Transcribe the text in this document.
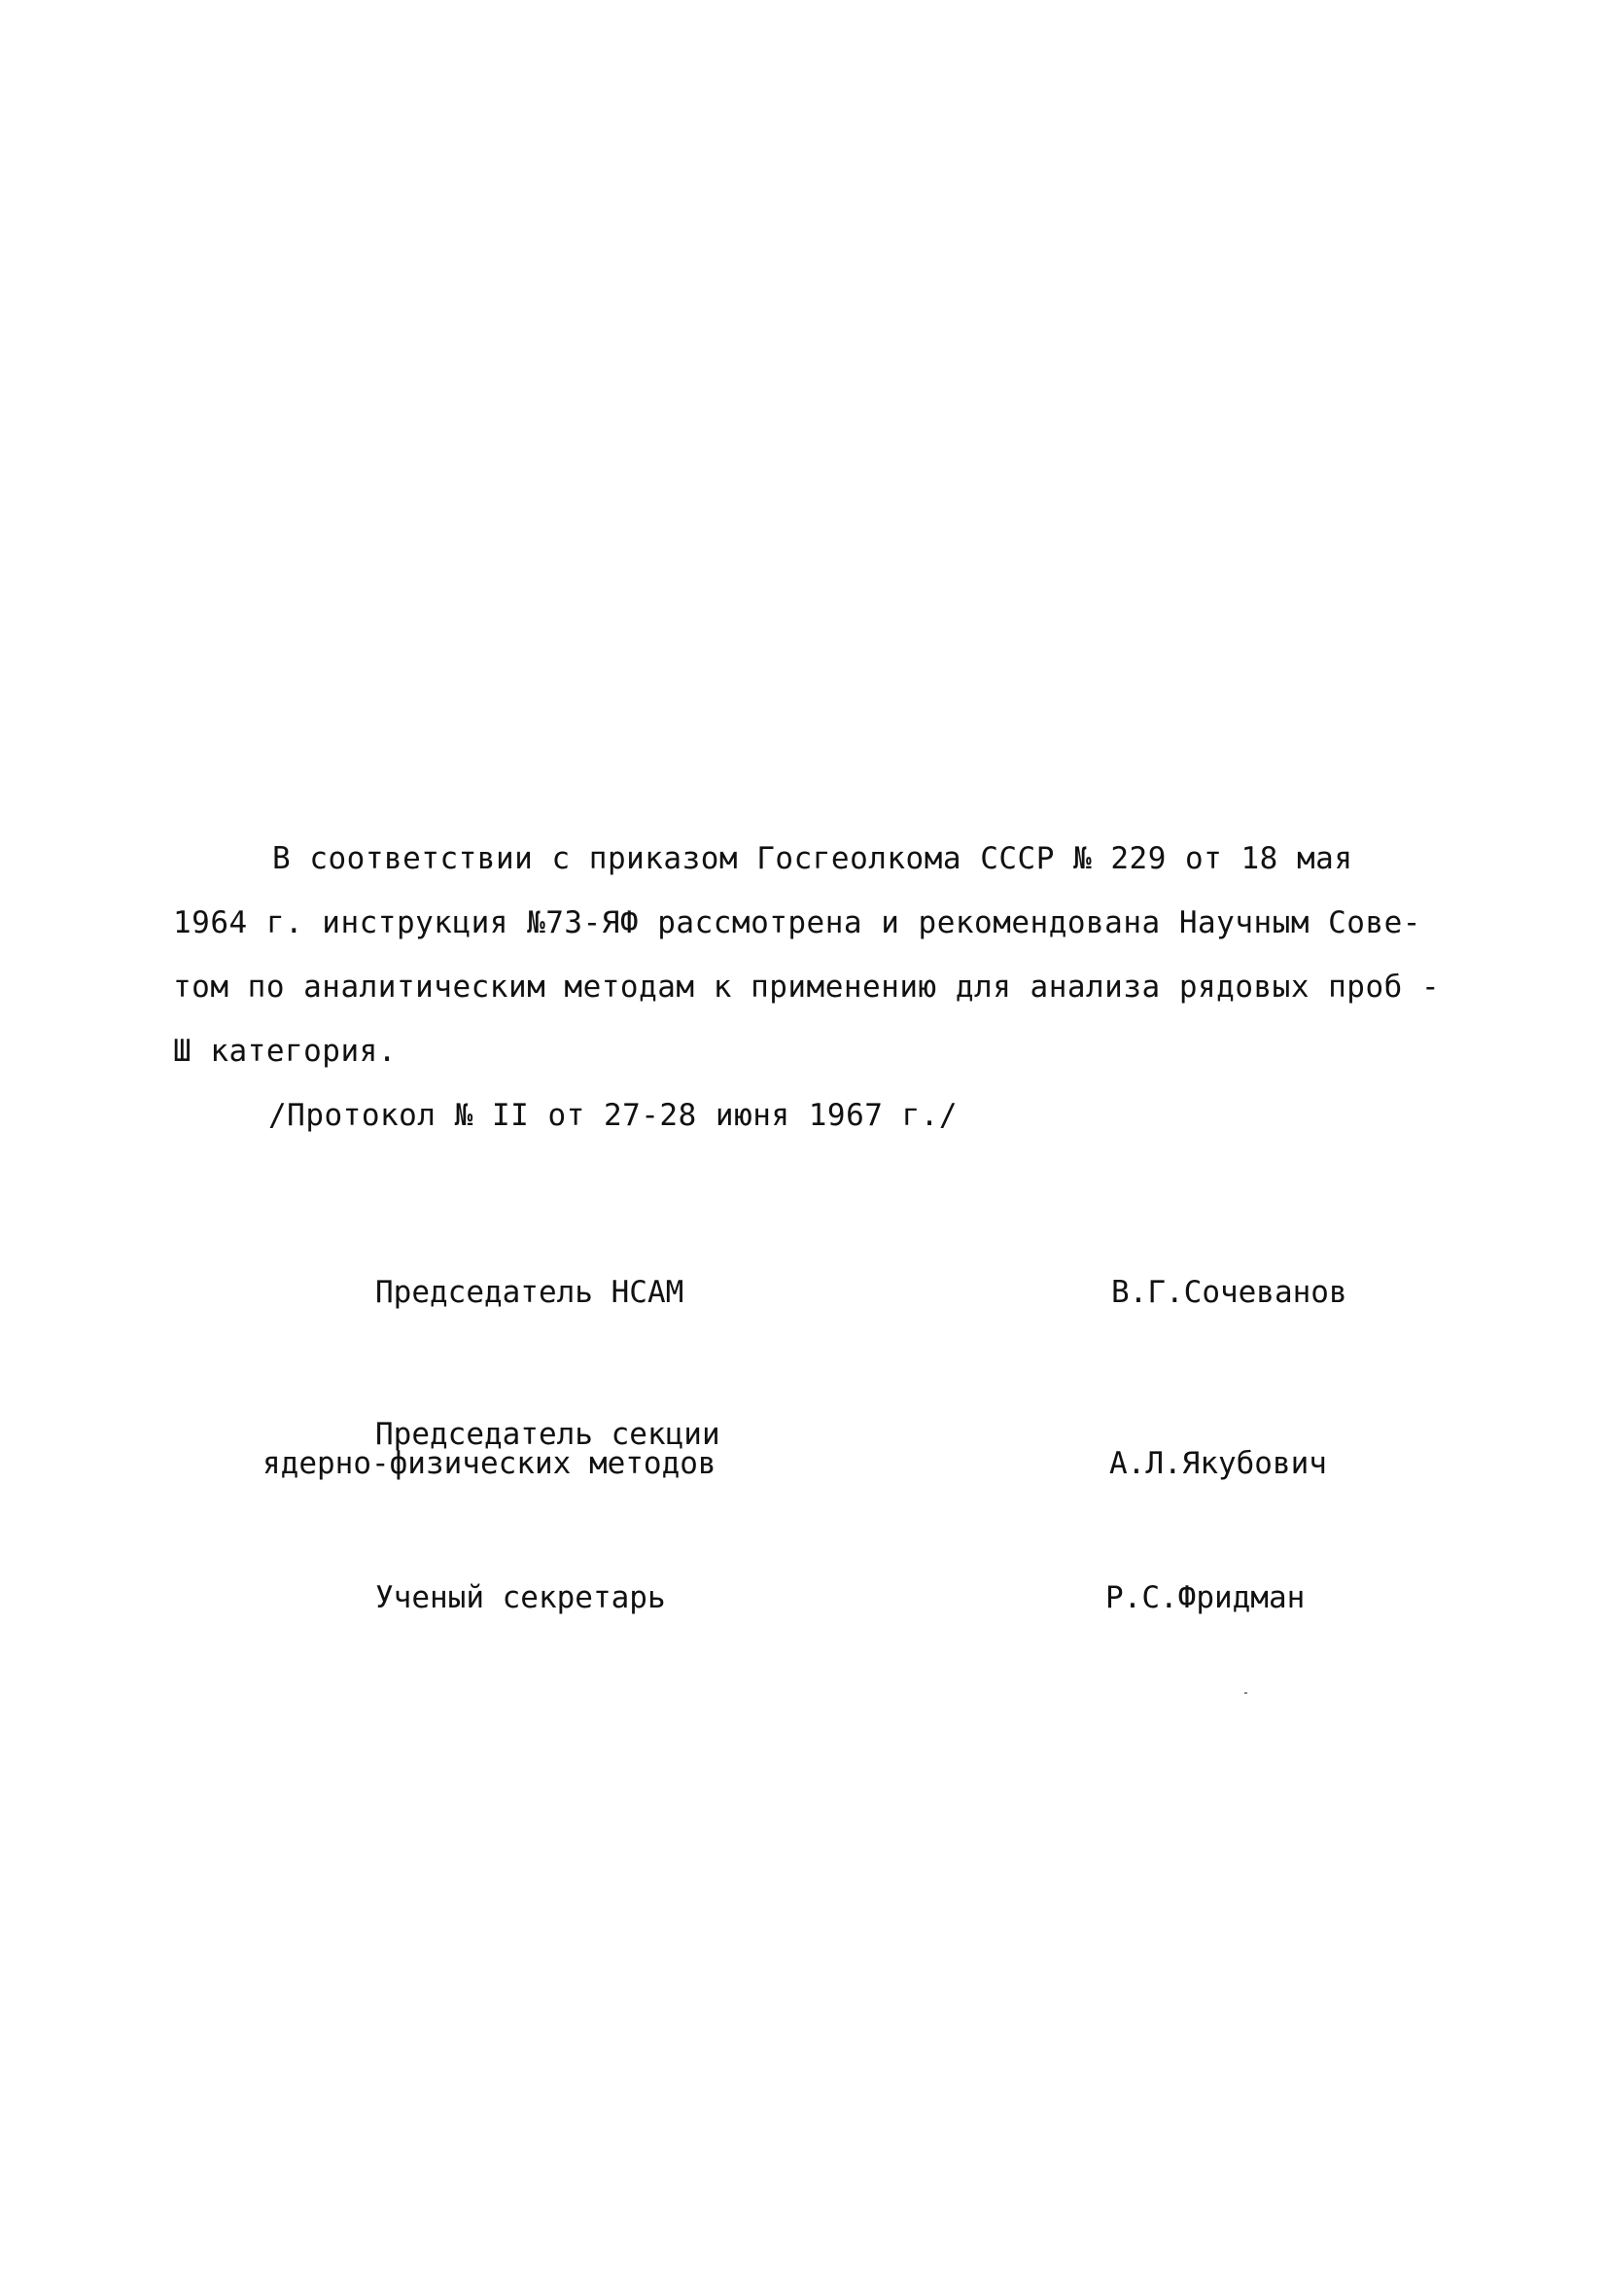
В соответствии с приказом Госгеолкома СССР № 229 от 18 мая
1964 г. инструкция №73-ЯФ рассмотрена и рекомендована Научным Сове-
том по аналитическим методам к применению для анализа рядовых проб -
Ш категория.
/Протокол № II от 27-28 июня 1967 г./
Председатель НСАМ	В.Г.Сочеванов
Председатель секции
ядерно-физических методов	А.Л.Якубович
Ученый секретарь	Р.С.Фридман
